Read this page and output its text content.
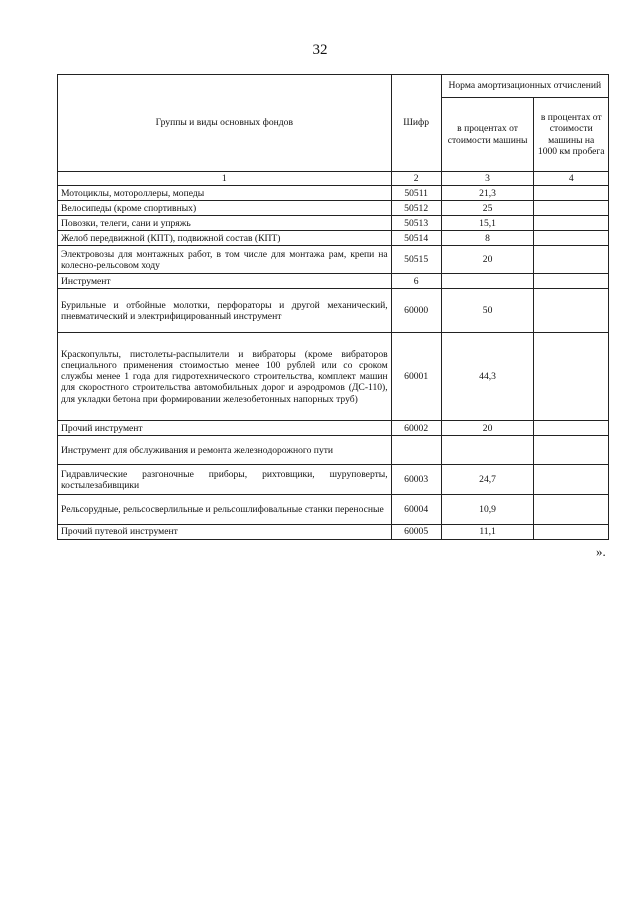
32
Группы и виды основных фондов	Шифр	Норма амортизационных отчислений	
		в процентах от стоимости машины	в процентах от стоимости машины на 1000 км пробега
1	2	3	4
Мотоциклы, мотороллеры, мопеды	50511	21,3	
Велосипеды (кроме спортивных)	50512	25	
Повозки, телеги, сани и упряжь	50513	15,1	
Желоб передвижной (КПТ), подвижной состав (КПТ)	50514	8	
Электровозы для монтажных работ, в том числе для монтажа рам, крепи на колесно-рельсовом ходу	50515	20	
Инструмент	6		
Бурильные и отбойные молотки, перфораторы и другой механический, пневматический и электрифицированный инструмент	60000	50	
Краскопульты, пистолеты-распылители и вибраторы (кроме вибраторов специального применения стоимостью менее 100 рублей или со сроком службы менее 1 года для гидротехнического строительства, комплект машин для скоростного строительства автомобильных дорог и аэродромов (ДС-110), для укладки бетона при формировании железобетонных напорных труб)	60001	44,3	
Прочий инструмент	60002	20	
Инструмент для обслуживания и ремонта железнодорожного пути			
Гидравлические разгоночные приборы, рихтовщики, шуруповерты, костылезабивщики	60003	24,7	
Рельсорудные, рельсосверлильные и рельсошлифовальные станки переносные	60004	10,9	
Прочий путевой инструмент	60005	11,1	
».
